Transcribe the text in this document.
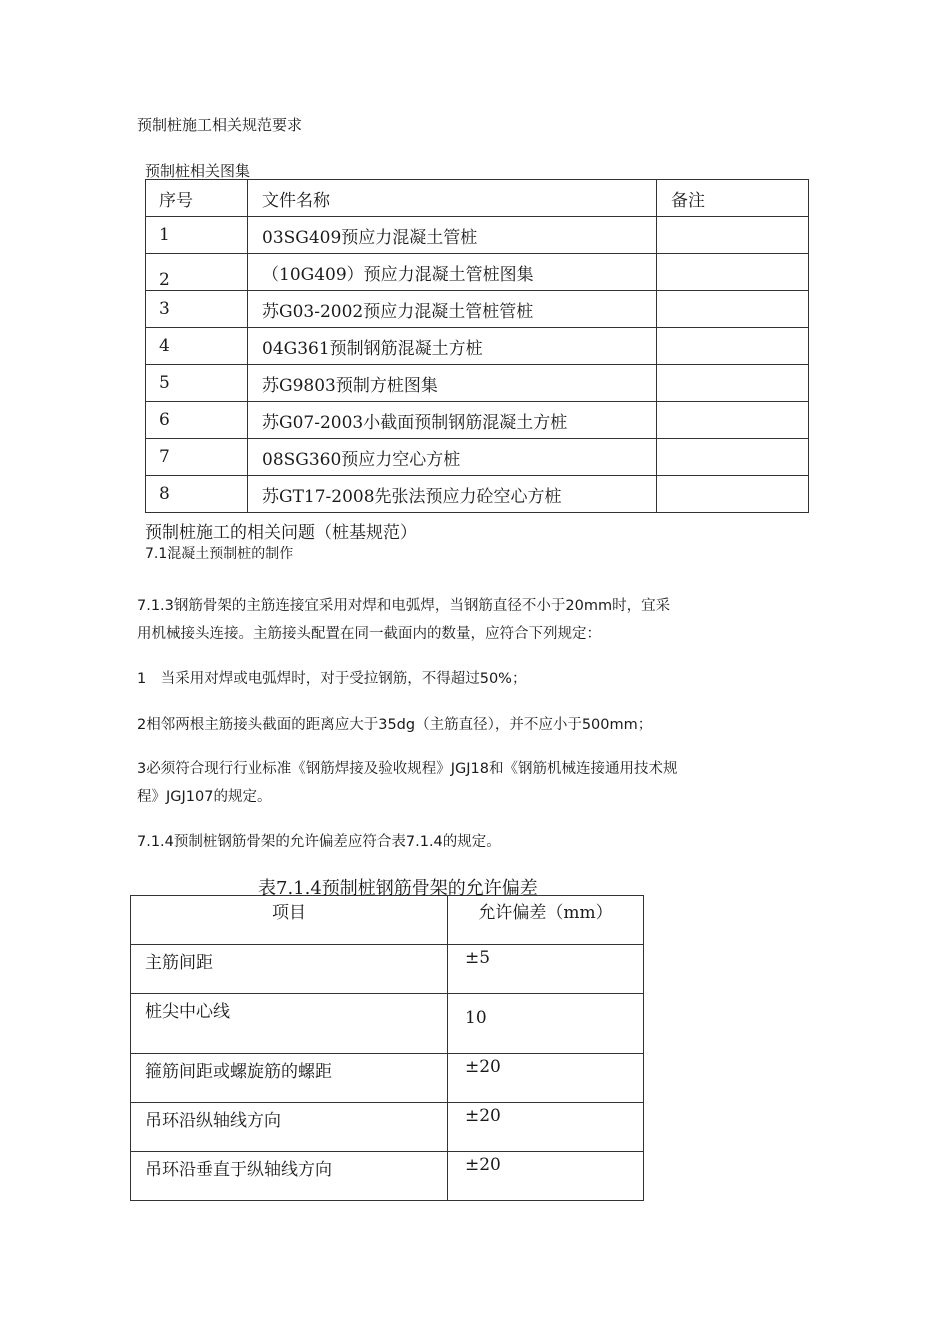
预制桩施工相关规范要求
预制桩相关图集
序号	文件名称	备注
1	03SG409预应力混凝土管桩	
2	（10G409）预应力混凝土管桩图集	
3	苏G03-2002预应力混凝土管桩管桩	
4	04G361预制钢筋混凝土方桩	
5	苏G9803预制方桩图集	
6	苏G07-2003小截面预制钢筋混凝土方桩	
7	08SG360预应力空心方桩	
8	苏GT17-2008先张法预应力砼空心方桩	
预制桩施工的相关问题（桩基规范）
7.1混凝土预制桩的制作
7.1.3钢筋骨架的主筋连接宜采用对焊和电弧焊，当钢筋直径不小于20mm时，宜采
用机械接头连接。主筋接头配置在同一截面内的数量，应符合下列规定：
1　当采用对焊或电弧焊时，对于受拉钢筋，不得超过50%；
2相邻两根主筋接头截面的距离应大于35dg（主筋直径），并不应小于500mm；
3必须符合现行行业标准《钢筋焊接及验收规程》JGJ18和《钢筋机械连接通用技术规
程》JGJ107的规定。
7.1.4预制桩钢筋骨架的允许偏差应符合表7.1.4的规定。
表7.1.4预制桩钢筋骨架的允许偏差
项目	允许偏差（mm）
主筋间距	±5
桩尖中心线	10
箍筋间距或螺旋筋的螺距	±20
吊环沿纵轴线方向	±20
吊环沿垂直于纵轴线方向	±20
